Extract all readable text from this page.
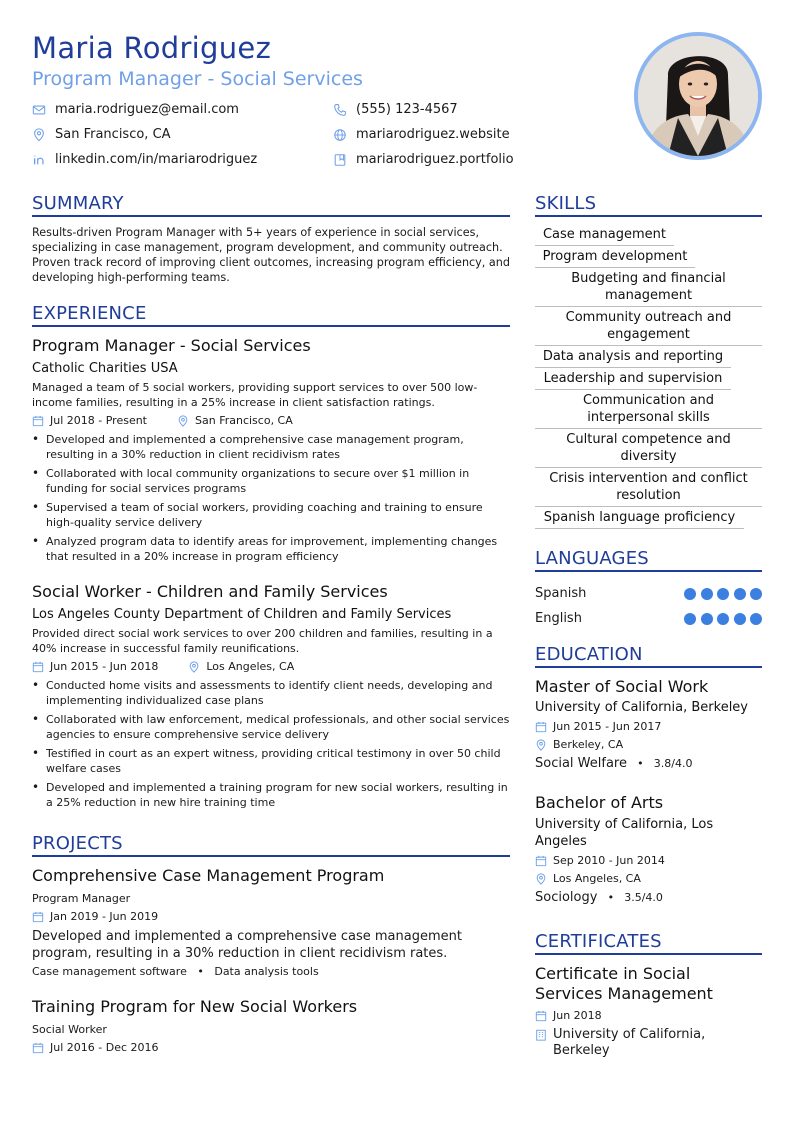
Maria Rodriguez
Program Manager - Social Services
maria.rodriguez@email.com	(555) 123-4567
San Francisco, CA	mariarodriguez.website
linkedin.com/in/mariarodriguez	mariarodriguez.portfolio
SUMMARY
Results-driven Program Manager with 5+ years of experience in social services, specializing in case management, program development, and community outreach. Proven track record of improving client outcomes, increasing program efficiency, and developing high-performing teams.
EXPERIENCE
Program Manager - Social Services
Catholic Charities USA
Managed a team of 5 social workers, providing support services to over 500 low-income families, resulting in a 25% increase in client satisfaction ratings.
Jul 2018 - Present	San Francisco, CA
• Developed and implemented a comprehensive case management program, resulting in a 30% reduction in client recidivism rates
• Collaborated with local community organizations to secure over $1 million in funding for social services programs
• Supervised a team of social workers, providing coaching and training to ensure high-quality service delivery
• Analyzed program data to identify areas for improvement, implementing changes that resulted in a 20% increase in program efficiency
Social Worker - Children and Family Services
Los Angeles County Department of Children and Family Services
Provided direct social work services to over 200 children and families, resulting in a 40% increase in successful family reunifications.
Jun 2015 - Jun 2018	Los Angeles, CA
• Conducted home visits and assessments to identify client needs, developing and implementing individualized case plans
• Collaborated with law enforcement, medical professionals, and other social services agencies to ensure comprehensive service delivery
• Testified in court as an expert witness, providing critical testimony in over 50 child welfare cases
• Developed and implemented a training program for new social workers, resulting in a 25% reduction in new hire training time
PROJECTS
Comprehensive Case Management Program
Program Manager
Jan 2019 - Jun 2019
Developed and implemented a comprehensive case management program, resulting in a 30% reduction in client recidivism rates.
Case management software • Data analysis tools
Training Program for New Social Workers
Social Worker
Jul 2016 - Dec 2016
SKILLS
Case management
Program development
Budgeting and financial management
Community outreach and engagement
Data analysis and reporting
Leadership and supervision
Communication and interpersonal skills
Cultural competence and diversity
Crisis intervention and conflict resolution
Spanish language proficiency
LANGUAGES
Spanish
English
EDUCATION
Master of Social Work
University of California, Berkeley
Jun 2015 - Jun 2017
Berkeley, CA
Social Welfare • 3.8/4.0
Bachelor of Arts
University of California, Los Angeles
Sep 2010 - Jun 2014
Los Angeles, CA
Sociology • 3.5/4.0
CERTIFICATES
Certificate in Social Services Management
Jun 2018
University of California, Berkeley
